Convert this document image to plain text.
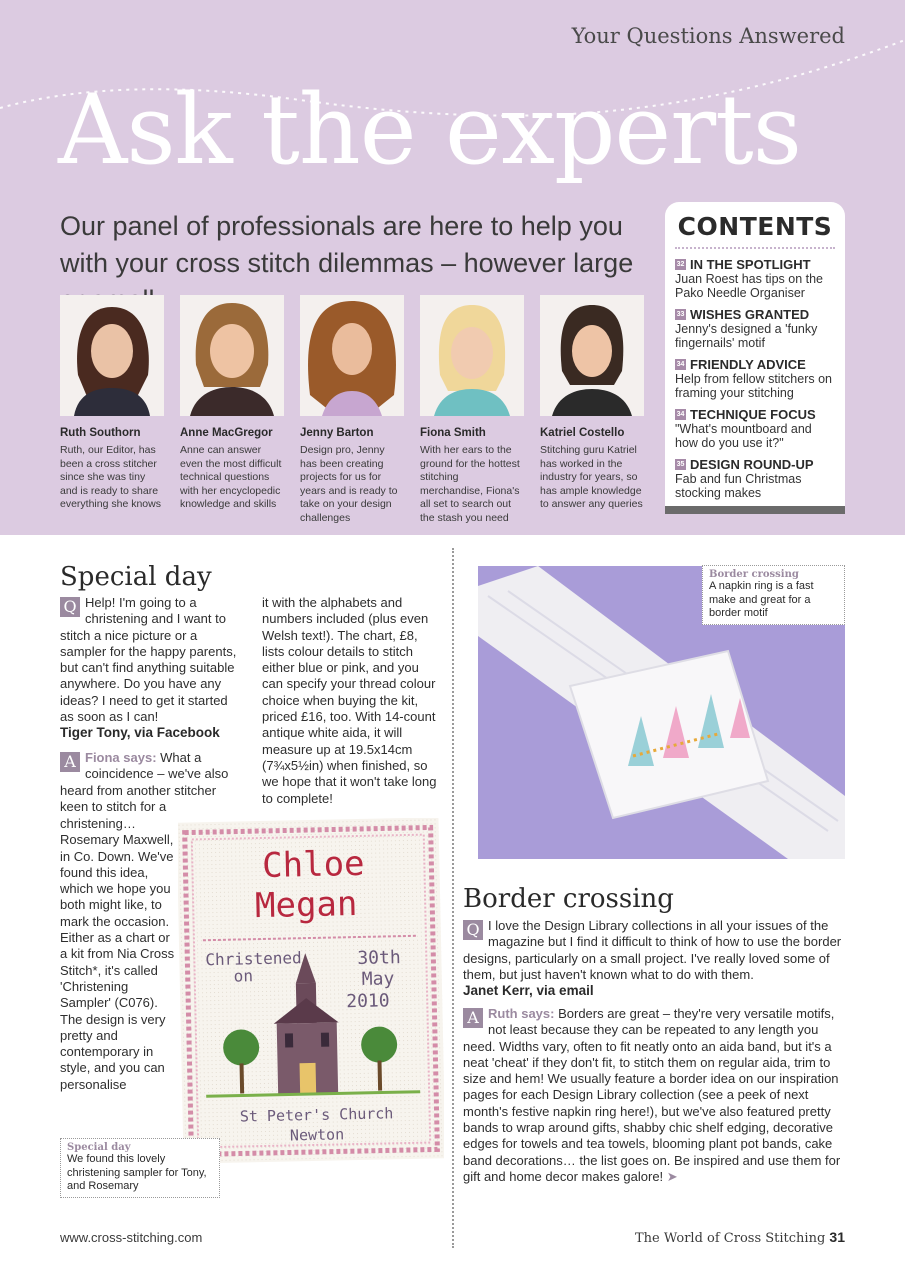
Your Questions Answered
Ask the experts
Our panel of professionals are here to help you with your cross stitch dilemmas – however large
Ruth Southorn
Ruth, our Editor, has been a cross stitcher since she was tiny and is ready to share everything she knows
Anne MacGregor
Anne can answer even the most difficult technical questions with her encyclopedic knowledge and skills
Jenny Barton
Design pro, Jenny has been creating projects for us for years and is ready to take on your design challenges
Fiona Smith
With her ears to the ground for the hottest stitching merchandise, Fiona's all set to search out the stash you need
Katriel Costello
Stitching guru Katriel has worked in the industry for years, so has ample knowledge to answer any queries
CONTENTS
32 IN THE SPOTLIGHT
Juan Roest has tips on the Pako Needle Organiser
33 WISHES GRANTED
Jenny's designed a 'funky fingernails' motif
34 FRIENDLY ADVICE
Help from fellow stitchers on framing your stitching
34 TECHNIQUE FOCUS
"What's mountboard and how do you use it?"
35 DESIGN ROUND-UP
Fab and fun Christmas stocking makes
Special day
Q Help! I'm going to a christening and I want to stitch a nice picture or a sampler for the happy parents, but can't find anything suitable anywhere. Do you have any ideas? I need to get it started as soon as I can!
Tiger Tony, via Facebook
A Fiona says: What a coincidence – we've also heard from another stitcher keen to stitch for a
christening… Rosemary Maxwell, in Co. Down. We've found this idea, which we hope you both might like, to mark the occasion. Either as a chart or a kit from Nia Cross Stitch*, it's called 'Christening Sampler' (C076). The design is very pretty and contemporary in style, and you can personalise
it with the alphabets and numbers included (plus even Welsh text!). The chart, £8, lists colour details to stitch either blue or pink, and you can specify your thread colour choice when buying the kit, priced £16, too. With 14-count antique white aida, it will measure up at 19.5x14cm (7¾x5½in) when finished, so we hope that it won't take long to complete!
Chloe
Megan
Christened
on
30th
May
2010
St Peter's Church
Newton
Special day
We found this lovely christening sampler for Tony, and Rosemary
Border crossing
A napkin ring is a fast make and great for a border motif
Border crossing
Q I love the Design Library collections in all your issues of the magazine but I find it difficult to think of how to use the border designs, particularly on a small project. I've really loved some of them, but just haven't known what to do with them.
Janet Kerr, via email
A Ruth says: Borders are great – they're very versatile motifs, not least because they can be repeated to any length you need. Widths vary, often to fit neatly onto an aida band, but it's a neat 'cheat' if they don't fit, to stitch them on regular aida, trim to size and hem! We usually feature a border idea on our inspiration pages for each Design Library collection (see a peek of next month's festive napkin ring here!), but we've also featured pretty bands to wrap around gifts, shabby chic shelf edging, decorative edges for towels and tea towels, blooming plant pot bands, cake band decorations… the list goes on. Be inspired and use them for gift and home decor makes galore! ➤
www.cross-stitching.com	The World of Cross Stitching 31
